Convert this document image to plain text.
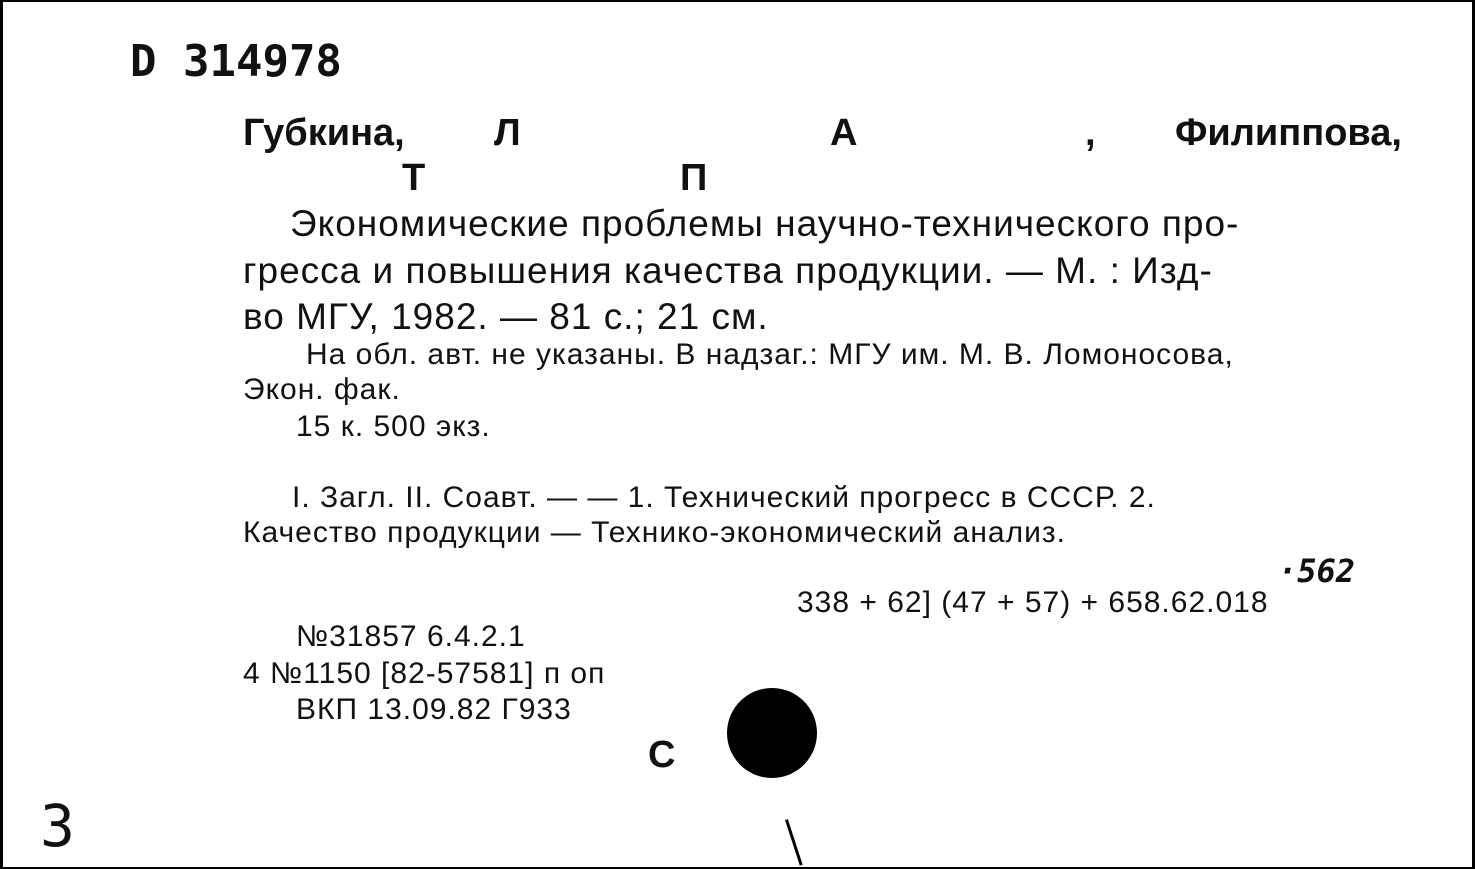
D 314978
Губкина, Л	А	, Филиппова,
Т	П
Экономические проблемы научно-технического про-
гресса и повышения качества продукции. — М. : Изд-
во МГУ, 1982. — 81 с.; 21 см.
На обл. авт. не указаны. В надзаг.: МГУ им. М. В. Ломоносова,
Экон. фак.
15 к. 500 экз.
I. Загл. II. Соавт. — — 1. Технический прогресс в СССР. 2.
Качество продукции — Технико-экономический анализ.
·562
338 + 62] (47 + 57) + 658.62.018
№31857 6.4.2.1
4 №1150 [82-57581] п оп
ВКП 13.09.82 Г933
С
3
